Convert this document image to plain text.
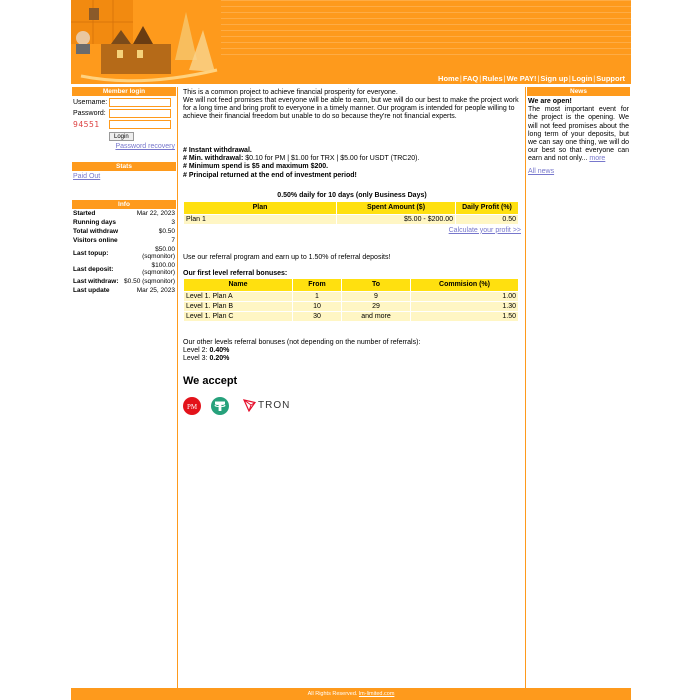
Home|FAQ|Rules|We PAY!|Sign up|Login|Support
Member login
Username:
Password:
94551
Login
Password recovery
Stats
Paid Out
Info
Started	Mar 22, 2023
Running days	3
Total withdraw	$0.50
Visitors online	7
Last topup:	$50.00 (sqmonitor)
Last deposit:	$100.00 (sqmonitor)
Last withdraw:	$0.50 (sqmonitor)
Last update	Mar 25, 2023

This is a common project to achieve financial prosperity for everyone.

We will not feed promises that everyone will be able to earn, but we will do our best to make the project work for a long time and bring profit to everyone in a timely manner. Our program is intended for people willing to achieve their financial freedom but unable to do so because they're not financial experts.

# Instant withdrawal.

# Min. withdrawal: $0.10 for PM | $1.00 for TRX | $5.00 for USDT (TRC20).

# Minimum spend is $5 and maximum $200.

# Principal returned at the end of investment period!

0.50% daily for 10 days (only Business Days)
Plan	Spent Amount ($)	Daily Profit (%)
Plan 1	$5.00 - $200.00	0.50
Calculate your profit >>

Use our referral program and earn up to 1.50% of referral deposits!

Our first level referral bonuses:

Name	From	To	Commision (%)
Level 1. Plan A	1	9	1.00
Level 1. Plan B	10	29	1.30
Level 1. Plan C	30	and more	1.50

Our other levels referral bonuses (not depending on the number of referrals):

Level 2: 0.40%

Level 3: 0.20%

We accept
PM	TRON
News
We are open!
The most important event for the project is the opening. We will not feed promises about the long term of your deposits, but we can say one thing, we will do our best so that everyone can earn and not only... more
All news
All Rights Reserved. lm-limited.com
